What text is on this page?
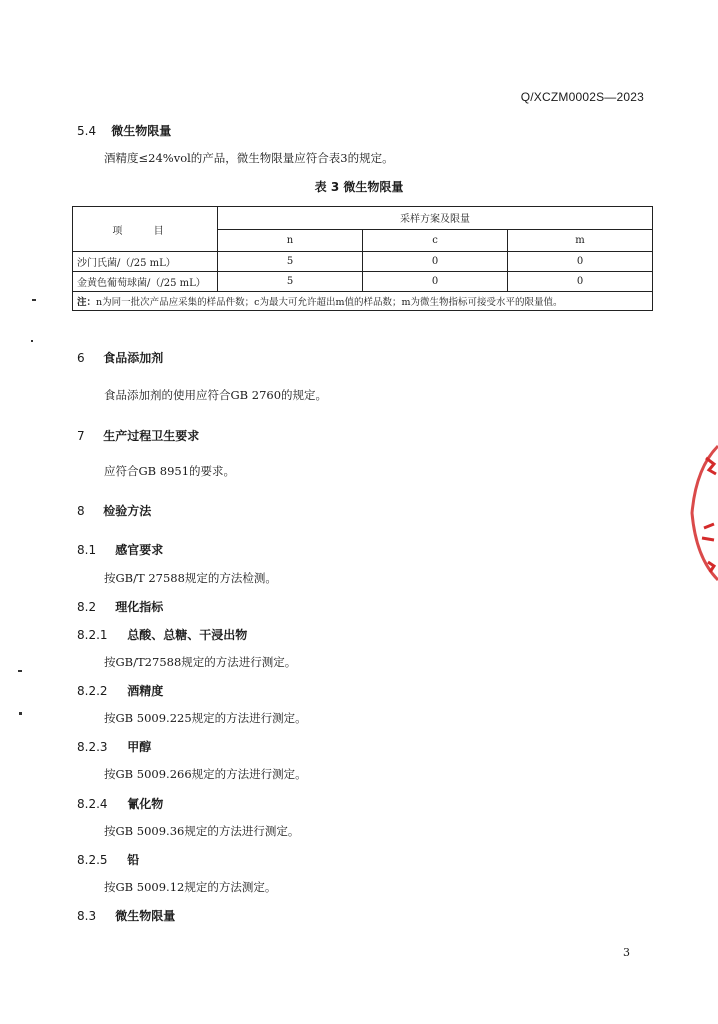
Q/XCZM0002S—2023
5.4 微生物限量
酒精度≤24%vol的产品，微生物限量应符合表3的规定。
表 3 微生物限量
项 目	采样方案及限量		
	n	c	m
沙门氏菌/（/25 mL）	5	0	0
金黄色葡萄球菌/（/25 mL）	5	0	0
注：n为同一批次产品应采集的样品件数；c为最大可允许超出m值的样品数；m为微生物指标可接受水平的限量值。			
6 食品添加剂
食品添加剂的使用应符合GB 2760的规定。
7 生产过程卫生要求
应符合GB 8951的要求。
8 检验方法
8.1 感官要求
按GB/T 27588规定的方法检测。
8.2 理化指标
8.2.1 总酸、总糖、干浸出物
按GB/T27588规定的方法进行测定。
8.2.2 酒精度
按GB 5009.225规定的方法进行测定。
8.2.3 甲醇
按GB 5009.266规定的方法进行测定。
8.2.4 氰化物
按GB 5009.36规定的方法进行测定。
8.2.5 铅
按GB 5009.12规定的方法测定。
8.3 微生物限量
3
